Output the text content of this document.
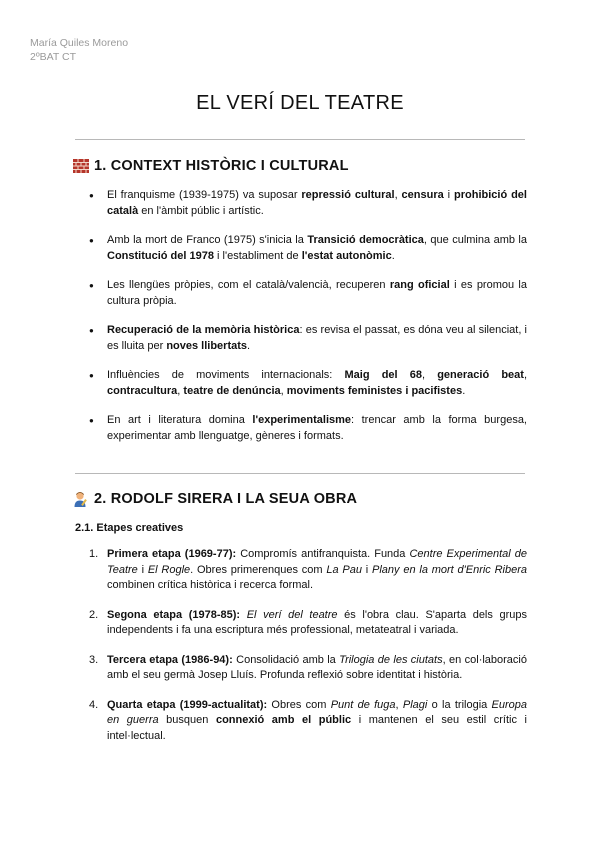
María Quiles Moreno
2ºBAT CT
EL VERÍ DEL TEATRE
1. CONTEXT HISTÒRIC I CULTURAL
● El franquisme (1939-1975) va suposar repressió cultural, censura i prohibició del català en l'àmbit públic i artístic.
● Amb la mort de Franco (1975) s'inicia la Transició democràtica, que culmina amb la Constitució del 1978 i l'establiment de l'estat autonòmic.
● Les llengües pròpies, com el català/valencià, recuperen rang oficial i es promou la cultura pròpia.
● Recuperació de la memòria històrica: es revisa el passat, es dóna veu al silenciat, i es lluita per noves llibertats.
● Influències de moviments internacionals: Maig del 68, generació beat, contracultura, teatre de denúncia, moviments feministes i pacifistes.
● En art i literatura domina l'experimentalisme: trencar amb la forma burgesa, experimentar amb llenguatge, gèneres i formats.
2. RODOLF SIRERA I LA SEUA OBRA
2.1. Etapes creatives
1. Primera etapa (1969-77): Compromís antifranquista. Funda Centre Experimental de Teatre i El Rogle. Obres primerenques com La Pau i Plany en la mort d'Enric Ribera combinen crítica històrica i recerca formal.
2. Segona etapa (1978-85): El verí del teatre és l'obra clau. S'aparta dels grups independents i fa una escriptura més professional, metateatral i variada.
3. Tercera etapa (1986-94): Consolidació amb la Trilogia de les ciutats, en col·laboració amb el seu germà Josep Lluís. Profunda reflexió sobre identitat i història.
4. Quarta etapa (1999-actualitat): Obres com Punt de fuga, Plagi o la trilogia Europa en guerra busquen connexió amb el públic i mantenen el seu estil crític i intel·lectual.
